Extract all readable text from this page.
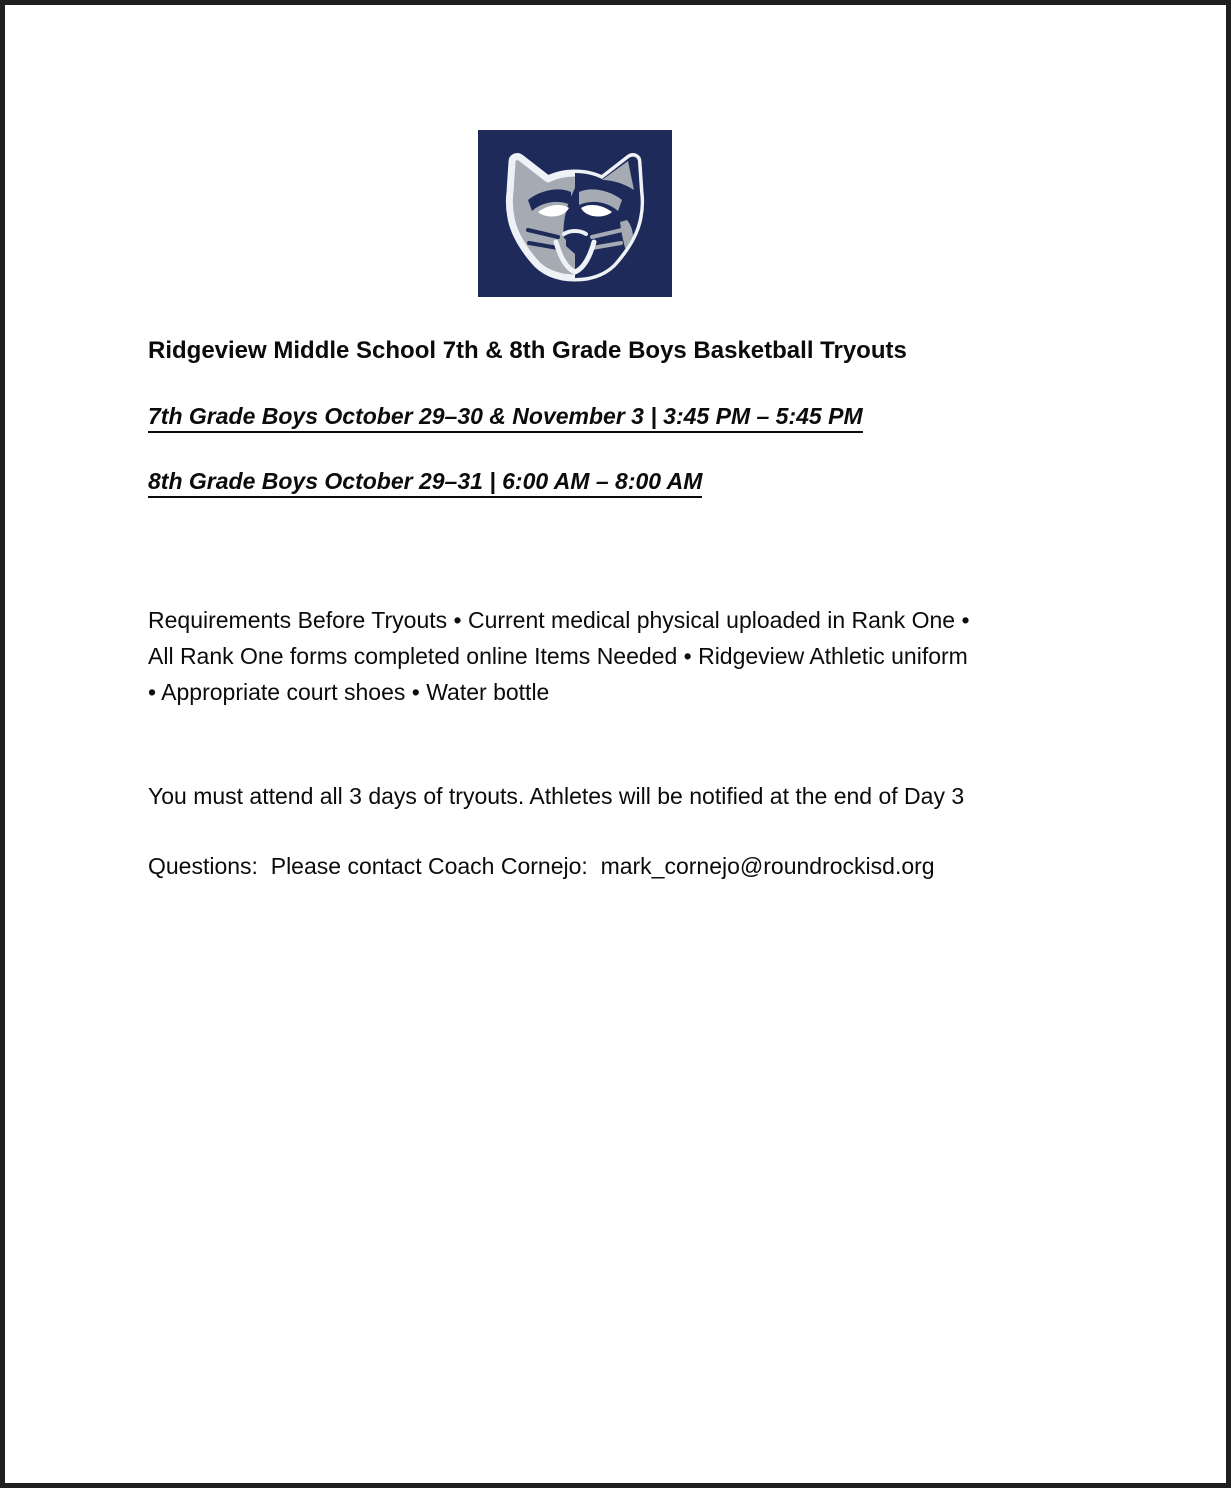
Ridgeview Middle School 7th & 8th Grade Boys Basketball Tryouts
7th Grade Boys October 29–30 & November 3 | 3:45 PM – 5:45 PM
8th Grade Boys October 29–31 | 6:00 AM – 8:00 AM
Requirements Before Tryouts • Current medical physical uploaded in Rank One •
All Rank One forms completed online Items Needed • Ridgeview Athletic uniform
• Appropriate court shoes • Water bottle
You must attend all 3 days of tryouts. Athletes will be notified at the end of Day 3
Questions:  Please contact Coach Cornejo:  mark_cornejo@roundrockisd.org
